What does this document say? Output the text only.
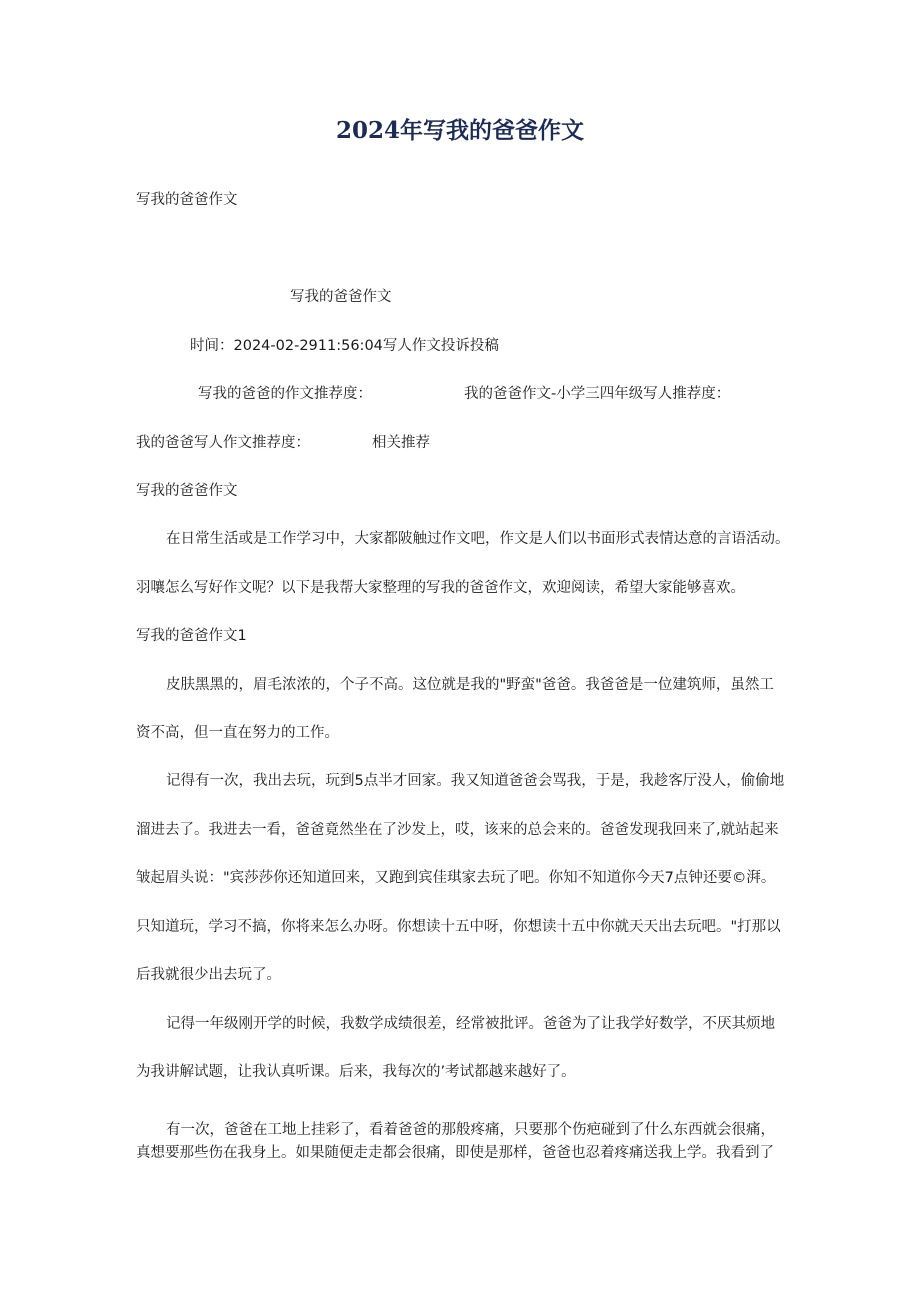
2024年写我的爸爸作文
写我的爸爸作文
写我的爸爸作文
时间：2024-02-2911:56:04写人作文投诉投稿
写我的爸爸的作文推荐度：	我的爸爸作文-小学三四年级写人推荐度：
我的爸爸写人作文推荐度：	相关推荐
写我的爸爸作文
在日常生活或是工作学习中，大家都陂触过作文吧，作文是人们以书面形式表情达意的言语活动。
羽嚷怎么写好作文呢？以下是我帮大家整理的写我的爸爸作文，欢迎阅读，希望大家能够喜欢。
写我的爸爸作文1
皮肤黑黑的，眉毛浓浓的，个子不高。这位就是我的"野蛮"爸爸。我爸爸是一位建筑师，虽然工
资不高，但一直在努力的工作。
记得有一次，我出去玩，玩到5点半才回家。我又知道爸爸会骂我，于是，我趁客厅没人，偷偷地
溜进去了。我进去一看，爸爸竟然坐在了沙发上，哎，该来的总会来的。爸爸发现我回来了,就站起来
皱起眉头说："宾莎莎你还知道回来，又跑到宾佳琪家去玩了吧。你知不知道你今天7点钟还要©湃。
只知道玩，学习不搞，你将来怎么办呀。你想读十五中呀，你想读十五中你就天天出去玩吧。"打那以
后我就很少出去玩了。
记得一年级刚开学的时候，我数学成绩很差，经常被批评。爸爸为了让我学好数学，不厌其烦地
为我讲解试题，让我认真听课。后来，我每次的’考试都越来越好了。
有一次，爸爸在工地上挂彩了，看着爸爸的那般疼痛，只要那个伤疤碰到了什么东西就会很痛，
真想要那些伤在我身上。如果随便走走都会很痛，即使是那样，爸爸也忍着疼痛送我上学。我看到了
